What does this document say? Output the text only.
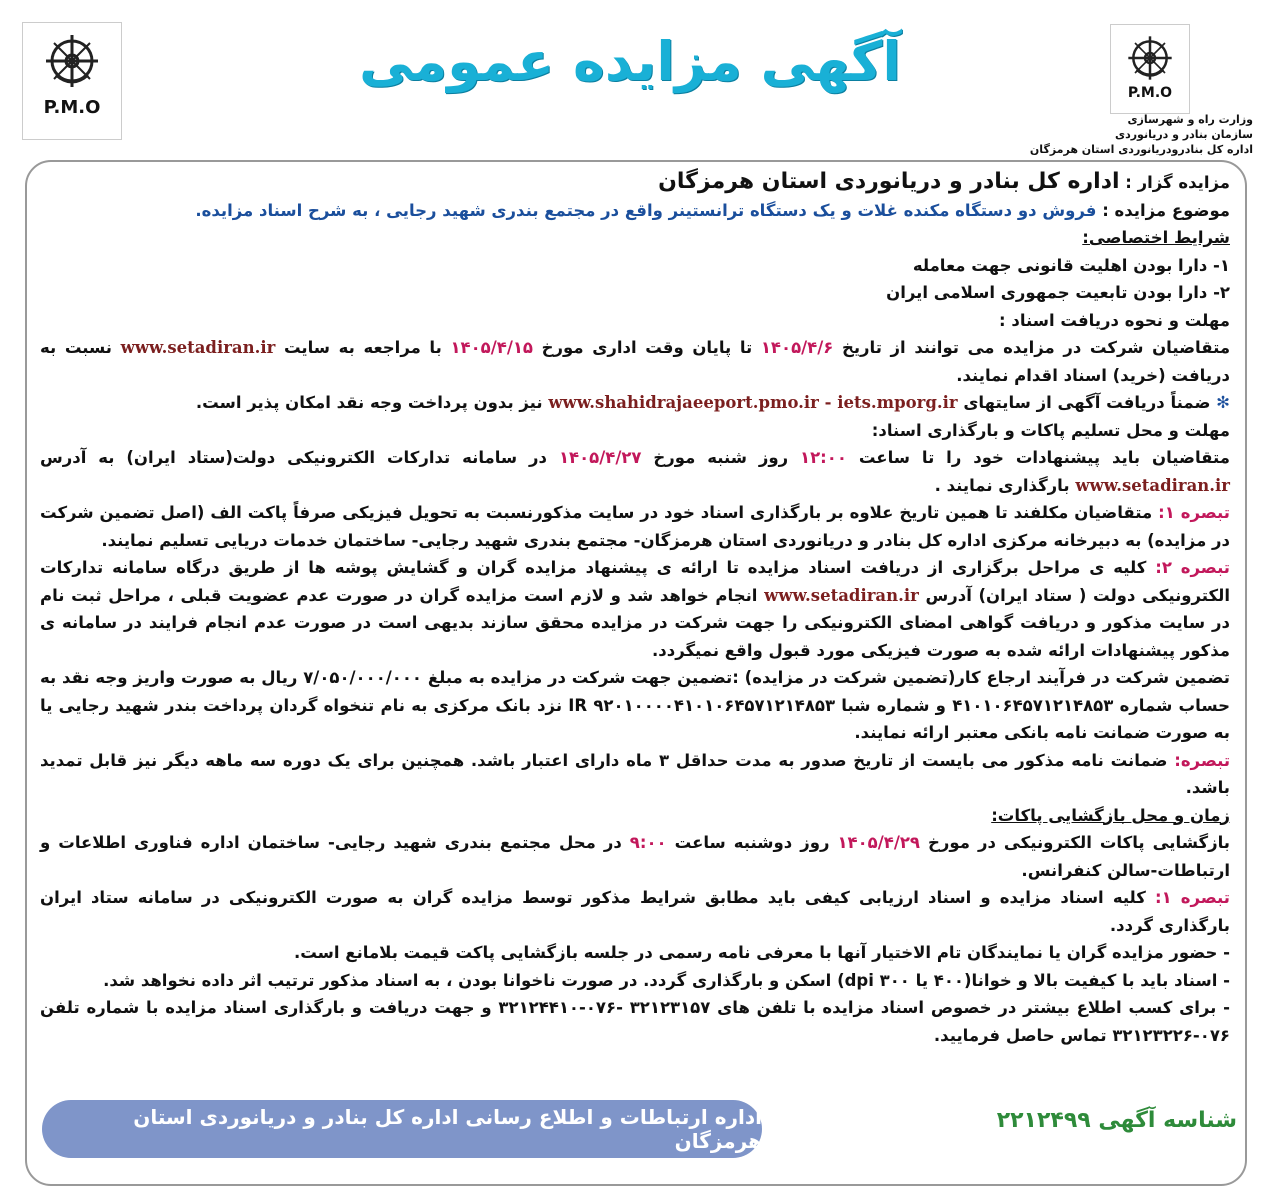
P.M.O
P.M.O
وزارت راه و شهرسازی
سازمان بنادر و دریانوردی
اداره کل بنادرودریانوردی استان هرمزگان
آگهی مزایده عمومی

مزایده گزار : اداره کل بنادر و دریانوردی استان هرمزگان

موضوع مزایده : فروش دو دستگاه مکنده غلات و یک دستگاه ترانستینر واقع در مجتمع بندری شهید رجایی ، به شرح اسناد مزایده.

شرایط اختصاصی:

۱- دارا بودن اهلیت قانونی جهت معامله

۲- دارا بودن تابعیت جمهوری اسلامی ایران

مهلت و نحوه دریافت اسناد :

متقاضیان شرکت در مزایده می توانند از تاریخ ۱۴۰۵/۴/۶ تا پایان وقت اداری مورخ ۱۴۰۵/۴/۱۵ با مراجعه به سایت www.setadiran.ir نسبت به دریافت (خرید) اسناد اقدام نمایند.

✻ ضمناً دریافت آگهی از سایتهای www.shahidrajaeeport.pmo.ir - iets.mporg.ir نیز بدون پرداخت وجه نقد امکان پذیر است.

مهلت و محل تسلیم پاکات و بارگذاری اسناد:

متقاضیان باید پیشنهادات خود را تا ساعت ۱۲:۰۰ روز شنبه مورخ ۱۴۰۵/۴/۲۷ در سامانه تدارکات الکترونیکی دولت(ستاد ایران) به آدرس www.setadiran.ir بارگذاری نمایند .

تبصره ۱: متقاضیان مکلفند تا همین تاریخ علاوه بر بارگذاری اسناد خود در سایت مذکورنسبت به تحویل فیزیکی صرفاً پاکت الف (اصل تضمین شرکت در مزایده) به دبیرخانه مرکزی اداره کل بنادر و دریانوردی استان هرمزگان- مجتمع بندری شهید رجایی- ساختمان خدمات دریایی تسلیم نمایند.

تبصره ۲: کلیه ی مراحل برگزاری از دریافت اسناد مزایده تا ارائه ی پیشنهاد مزایده گران و گشایش پوشه ها از طریق درگاه سامانه تدارکات الکترونیکی دولت ( ستاد ایران) آدرس www.setadiran.ir انجام خواهد شد و لازم است مزایده گران در صورت عدم عضویت قبلی ، مراحل ثبت نام در سایت مذکور و دریافت گواهی امضای الکترونیکی را جهت شرکت در مزایده محقق سازند بدیهی است در صورت عدم انجام فرایند در سامانه ی مذکور پیشنهادات ارائه شده به صورت فیزیکی مورد قبول واقع نمیگردد.

تضمین شرکت در فرآیند ارجاع کار(تضمین شرکت در مزایده) :تضمین جهت شرکت در مزایده به مبلغ ۷/۰۵۰/۰۰۰/۰۰۰ ریال به صورت واریز وجه نقد به حساب شماره ۴۱۰۱۰۶۴۵۷۱۲۱۴۸۵۳ و شماره شبا IR ۹۲۰۱۰۰۰۰۴۱۰۱۰۶۴۵۷۱۲۱۴۸۵۳ نزد بانک مرکزی به نام تنخواه گردان پرداخت بندر شهید رجایی یا به صورت ضمانت نامه بانکی معتبر ارائه نمایند.

تبصره: ضمانت نامه مذکور می بایست از تاریخ صدور به مدت حداقل ۳ ماه دارای اعتبار باشد. همچنین برای یک دوره سه ماهه دیگر نیز قابل تمدید باشد.

زمان و محل بازگشایی پاکات:

بازگشایی پاکات الکترونیکی در مورخ ۱۴۰۵/۴/۲۹ روز دوشنبه ساعت ۹:۰۰ در محل مجتمع بندری شهید رجایی- ساختمان اداره فناوری اطلاعات و ارتباطات-سالن کنفرانس.

تبصره ۱: کلیه اسناد مزایده و اسناد ارزیابی کیفی باید مطابق شرایط مذکور توسط مزایده گران به صورت الکترونیکی در سامانه ستاد ایران بارگذاری گردد.

- حضور مزایده گران یا نمایندگان تام الاختیار آنها با معرفی نامه رسمی در جلسه بازگشایی پاکت قیمت بلامانع است.

- اسناد باید با کیفیت بالا و خوانا(۴۰۰ یا ۳۰۰ dpi) اسکن و بارگذاری گردد. در صورت ناخوانا بودن ، به اسناد مذکور ترتیب اثر داده نخواهد شد.

- برای کسب اطلاع بیشتر در خصوص اسناد مزایده با تلفن های ۳۲۱۲۳۱۵۷ -۰۷۶-۳۲۱۲۴۴۱۰ و جهت دریافت و بارگذاری اسناد مزایده با شماره تلفن ۰۷۶-۳۲۱۲۳۲۲۶ تماس حاصل فرمایید.

اداره ارتباطات و اطلاع رسانی اداره کل بنادر و دریانوردی استان هرمزگان
شناسه آگهی ۲۲۱۲۴۹۹
